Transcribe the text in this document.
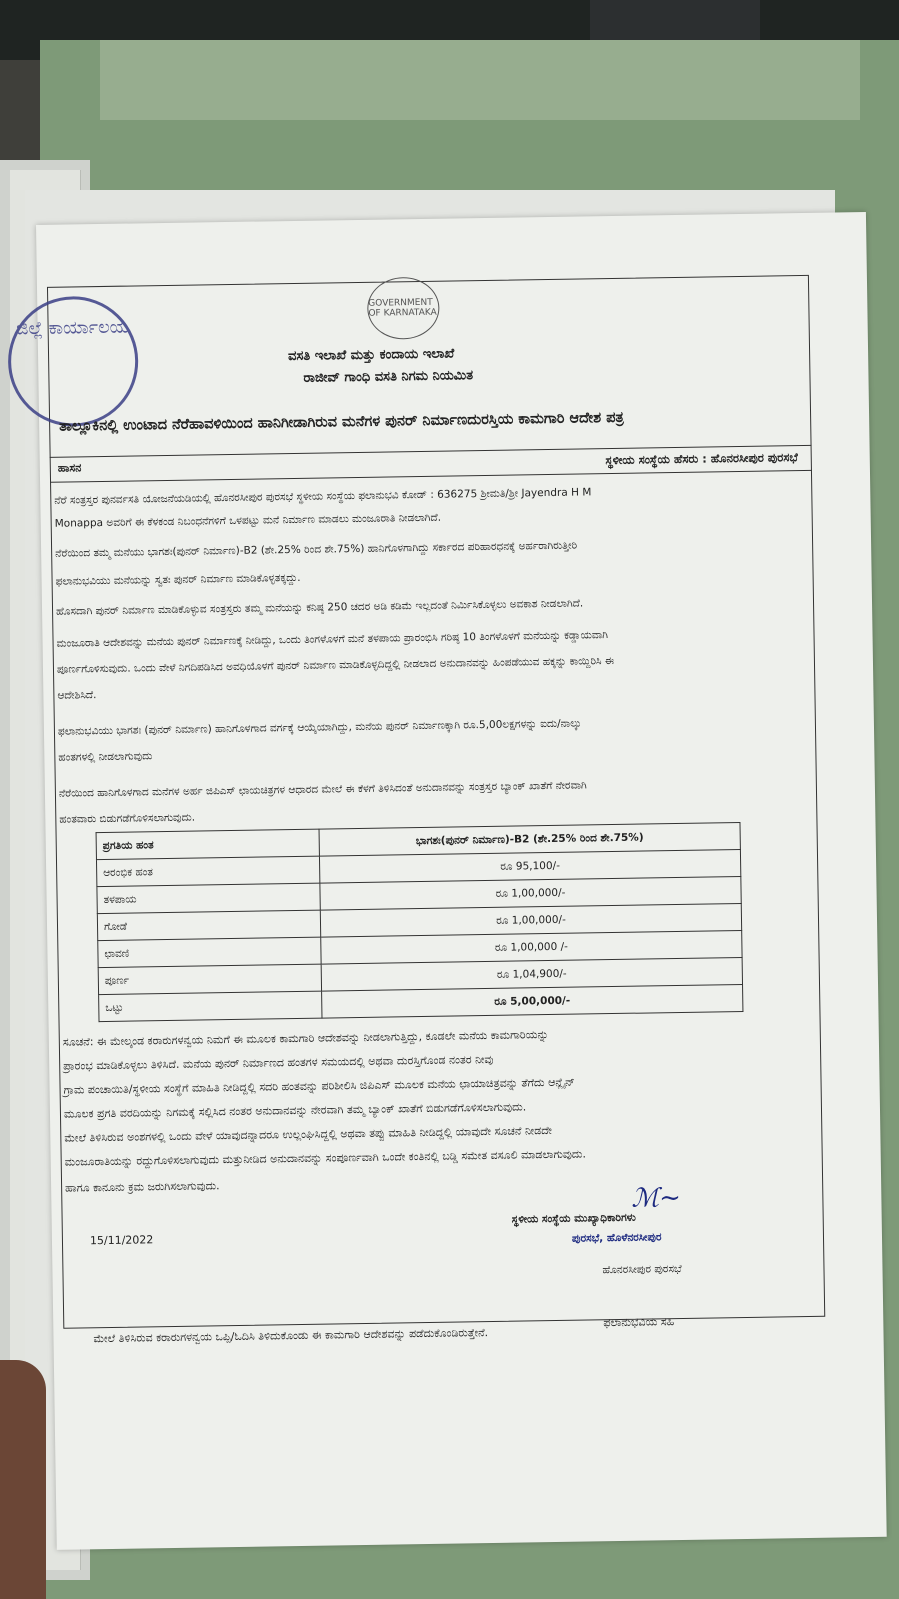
ಜಿಲ್ಲೆ ಕಾರ್ಯಾಲಯ
GOVERNMENT OF KARNATAKA
ವಸತಿ ಇಲಾಖೆ ಮತ್ತು ಕಂದಾಯ ಇಲಾಖೆ
ರಾಜೀವ್ ಗಾಂಧಿ ವಸತಿ ನಿಗಮ ನಿಯಮಿತ
ತಾಲ್ಲೂಕಿನಲ್ಲಿ ಉಂಟಾದ ನೆರೆಹಾವಳಿಯಿಂದ ಹಾನಿಗೀಡಾಗಿರುವ ಮನೆಗಳ ಪುನರ್ ನಿರ್ಮಾಣದುರಸ್ತಿಯ ಕಾಮಗಾರಿ ಆದೇಶ ಪತ್ರ
ಹಾಸನ
ಸ್ಥಳೀಯ ಸಂಸ್ಥೆಯ ಹೆಸರು : ಹೊನರಸೀಪುರ ಪುರಸಭೆ
ನೆರೆ ಸಂತ್ರಸ್ತರ ಪುನರ್ವಸತಿ ಯೋಜನೆಯಡಿಯಲ್ಲಿ ಹೊನರಸೀಪುರ ಪುರಸಭೆ ಸ್ಥಳೀಯ ಸಂಸ್ಥೆಯ ಫಲಾನುಭವಿ ಕೋಡ್ : 636275 ಶ್ರೀಮತಿ/ಶ್ರೀ Jayendra H M
Monappa ಅವರಿಗೆ ಈ ಕೆಳಕಂಡ ನಿಬಂಧನೆಗಳಿಗೆ ಒಳಪಟ್ಟು ಮನೆ ನಿರ್ಮಾಣ ಮಾಡಲು ಮಂಜೂರಾತಿ ನೀಡಲಾಗಿದೆ.
ನೆರೆಯಿಂದ ತಮ್ಮ ಮನೆಯು ಭಾಗಶಃ(ಪುನರ್ ನಿರ್ಮಾಣ)-B2 (ಶೇ.25% ರಿಂದ ಶೇ.75%) ಹಾನಿಗೊಳಗಾಗಿದ್ದು ಸರ್ಕಾರದ ಪರಿಹಾರಧನಕ್ಕೆ ಅರ್ಹರಾಗಿರುತ್ತೀರಿ
ಫಲಾನುಭವಿಯು ಮನೆಯನ್ನು ಸ್ವತಃ ಪುನರ್ ನಿರ್ಮಾಣ ಮಾಡಿಕೊಳ್ಳತಕ್ಕದ್ದು.
ಹೊಸದಾಗಿ ಪುನರ್ ನಿರ್ಮಾಣ ಮಾಡಿಕೊಳ್ಳುವ ಸಂತ್ರಸ್ತರು ತಮ್ಮ ಮನೆಯನ್ನು ಕನಿಷ್ಠ 250 ಚದರ ಅಡಿ ಕಡಿಮೆ ಇಲ್ಲದಂತೆ ನಿರ್ಮಿಸಿಕೊಳ್ಳಲು ಅವಕಾಶ ನೀಡಲಾಗಿದೆ.
ಮಂಜೂರಾತಿ ಆದೇಶವನ್ನು ಮನೆಯ ಪುನರ್ ನಿರ್ಮಾಣಕ್ಕೆ ನೀಡಿದ್ದು, ಒಂದು ತಿಂಗಳೊಳಗೆ ಮನೆ ತಳಪಾಯ ಪ್ರಾರಂಭಿಸಿ ಗರಿಷ್ಠ 10 ತಿಂಗಳೊಳಗೆ ಮನೆಯನ್ನು ಕಡ್ಡಾಯವಾಗಿ
ಪೂರ್ಣಗೊಳಿಸುವುದು. ಒಂದು ವೇಳೆ ನಿಗದಿಪಡಿಸಿದ ಅವಧಿಯೊಳಗೆ ಪುನರ್ ನಿರ್ಮಾಣ ಮಾಡಿಕೊಳ್ಳದಿದ್ದಲ್ಲಿ ನೀಡಲಾದ ಅನುದಾನವನ್ನು ಹಿಂಪಡೆಯುವ ಹಕ್ಕನ್ನು ಕಾಯ್ದಿರಿಸಿ ಈ
ಆದೇಶಿಸಿದೆ.
ಫಲಾನುಭವಿಯು ಭಾಗಶಃ (ಪುನರ್ ನಿರ್ಮಾಣ) ಹಾನಿಗೊಳಗಾದ ವರ್ಗಕ್ಕೆ ಆಯ್ಕೆಯಾಗಿದ್ದು, ಮನೆಯ ಪುನರ್ ನಿರ್ಮಾಣಕ್ಕಾಗಿ ರೂ.5,00ಲಕ್ಷಗಳನ್ನು ಐದು/ನಾಲ್ಕು
ಹಂತಗಳಲ್ಲಿ ನೀಡಲಾಗುವುದು
ನೆರೆಯಿಂದ ಹಾನಿಗೊಳಗಾದ ಮನೆಗಳ ಅರ್ಹ ಜಿಪಿಎಸ್ ಛಾಯಚಿತ್ರಗಳ ಆಧಾರದ ಮೇಲೆ ಈ ಕೆಳಗೆ ತಿಳಿಸಿದಂತೆ ಅನುದಾನವನ್ನು ಸಂತ್ರಸ್ತರ ಬ್ಯಾಂಕ್ ಖಾತೆಗೆ ನೇರವಾಗಿ
ಹಂತವಾರು ಬಿಡುಗಡೆಗೊಳಿಸಲಾಗುವುದು.
ಪ್ರಗತಿಯ ಹಂತ	ಭಾಗಶಃ(ಪುನರ್ ನಿರ್ಮಾಣ)-B2 (ಶೇ.25% ರಿಂದ ಶೇ.75%)
ಆರಂಭಿಕ ಹಂತ	ರೂ 95,100/-
ತಳಪಾಯ	ರೂ 1,00,000/-
ಗೋಡೆ	ರೂ 1,00,000/-
ಛಾವಣಿ	ರೂ 1,00,000 /-
ಪೂರ್ಣ	ರೂ 1,04,900/-
ಒಟ್ಟು	ರೂ 5,00,000/-
ಸೂಚನೆ: ಈ ಮೇಲ್ಕಂಡ ಕರಾರುಗಳನ್ವಯ ನಿಮಗೆ ಈ ಮೂಲಕ ಕಾಮಗಾರಿ ಆದೇಶವನ್ನು ನೀಡಲಾಗುತ್ತಿದ್ದು, ಕೂಡಲೇ ಮನೆಯ ಕಾಮಗಾರಿಯನ್ನು
ಪ್ರಾರಂಭ ಮಾಡಿಕೊಳ್ಳಲು ತಿಳಿಸಿದೆ. ಮನೆಯ ಪುನರ್ ನಿರ್ಮಾಣದ ಹಂತಗಳ ಸಮಯದಲ್ಲಿ ಅಥವಾ ದುರಸ್ತಿಗೊಂಡ ನಂತರ ನೀವು
ಗ್ರಾಮ ಪಂಚಾಯಿತಿ/ಸ್ಥಳೀಯ ಸಂಸ್ಥೆಗೆ ಮಾಹಿತಿ ನೀಡಿದ್ದಲ್ಲಿ ಸದರಿ ಹಂತವನ್ನು ಪರಿಶೀಲಿಸಿ ಜಿಪಿಎಸ್ ಮೂಲಕ ಮನೆಯ ಛಾಯಾಚಿತ್ರವನ್ನು ತೆಗೆದು ಆನ್ಲೈನ್
ಮೂಲಕ ಪ್ರಗತಿ ವರದಿಯನ್ನು ನಿಗಮಕ್ಕೆ ಸಲ್ಲಿಸಿದ ನಂತರ ಅನುದಾನವನ್ನು ನೇರವಾಗಿ ತಮ್ಮ ಬ್ಯಾಂಕ್ ಖಾತೆಗೆ ಬಿಡುಗಡೆಗೊಳಿಸಲಾಗುವುದು.
ಮೇಲೆ ತಿಳಿಸಿರುವ ಅಂಶಗಳಲ್ಲಿ ಒಂದು ವೇಳೆ ಯಾವುದನ್ನಾದರೂ ಉಲ್ಲಂಘಿಸಿದ್ದಲ್ಲಿ ಅಥವಾ ತಪ್ಪು ಮಾಹಿತಿ ನೀಡಿದ್ದಲ್ಲಿ ಯಾವುದೇ ಸೂಚನೆ ನೀಡದೇ
ಮಂಜೂರಾತಿಯನ್ನು ರದ್ದುಗೊಳಿಸಲಾಗುವುದು ಮತ್ತುನೀಡಿದ ಅನುದಾನವನ್ನು ಸಂಪೂರ್ಣವಾಗಿ ಒಂದೇ ಕಂತಿನಲ್ಲಿ ಬಡ್ಡಿ ಸಮೇತ ವಸೂಲಿ ಮಾಡಲಾಗುವುದು.
ಹಾಗೂ ಕಾನೂನು ಕ್ರಮ ಜರುಗಿಸಲಾಗುವುದು.
15/11/2022
ℳ~
ಸ್ಥಳೀಯ ಸಂಸ್ಥೆಯ ಮುಖ್ಯಾಧಿಕಾರಿಗಳು
ಪುರಸಭೆ, ಹೊಳೆನರಸೀಪುರ
ಹೊನರಸೀಪುರ ಪುರಸಭೆ
ಮೇಲೆ ತಿಳಿಸಿರುವ ಕರಾರುಗಳನ್ವಯ ಒಪ್ಪಿ/ಓದಿಸಿ ತಿಳಿದುಕೊಂಡು ಈ ಕಾಮಗಾರಿ ಆದೇಶವನ್ನು ಪಡೆದುಕೊಂಡಿರುತ್ತೇನೆ.
ಫಲಾನುಭವಿಯ ಸಹಿ
